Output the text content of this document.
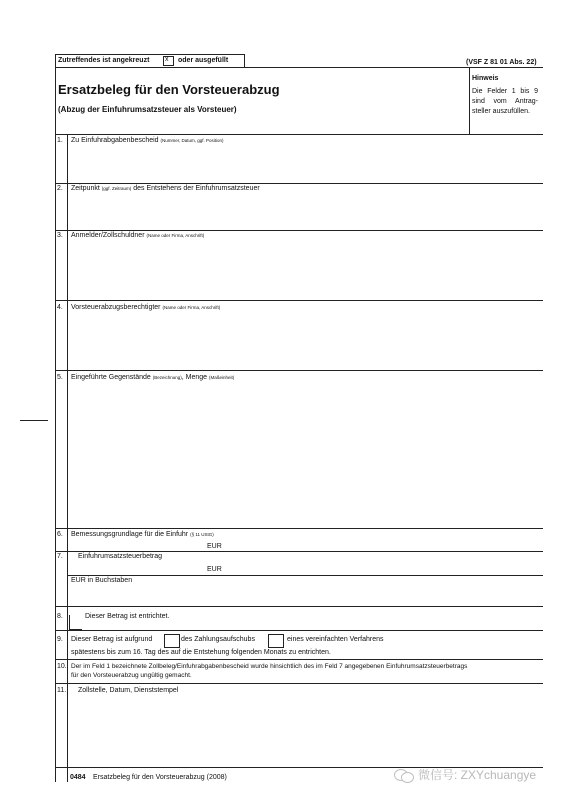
Zutreffendes ist angekreuzt x oder ausgefüllt	(VSF Z 81 01 Abs. 22)
Ersatzbeleg für den Vorsteuerabzug
(Abzug der Einfuhrumsatzsteuer als Vorsteuer)
Hinweis
Die Felder 1 bis 9
sind vom Antrag-
steller auszufüllen.
1. Zu Einfuhrabgabenbescheid (Nummer, Datum, ggf. Position)
2. Zeitpunkt (ggf. Zeitraum) des Entstehens der Einfuhrumsatzsteuer
3. Anmelder/Zollschuldner (Name oder Firma, Anschrift)
4. Vorsteuerabzugsberechtigter (Name oder Firma, Anschrift)
5. Eingeführte Gegenstände (Bezeichnung), Menge (Maßeinheit)
6. Bemessungsgrundlage für die Einfuhr (§ 11 UStG)
EUR
7. Einfuhrumsatzsteuerbetrag
EUR
EUR in Buchstaben
8.	Dieser Betrag ist entrichtet.
9. Dieser Betrag ist aufgrund	des Zahlungsaufschubs	eines vereinfachten Verfahrens
spätestens bis zum 16. Tag des auf die Entstehung folgenden Monats zu entrichten.
10. Der im Feld 1 bezeichnete Zollbeleg/Einfuhrabgabenbescheid wurde hinsichtlich des im Feld 7 angegebenen Einfuhrumsatzsteuerbetrags
für den Vorsteuerabzug ungültig gemacht.
11. Zollstelle, Datum, Dienststempel
0484 Ersatzbeleg für den Vorsteuerabzug (2008)	微信号: ZXYchuangye
